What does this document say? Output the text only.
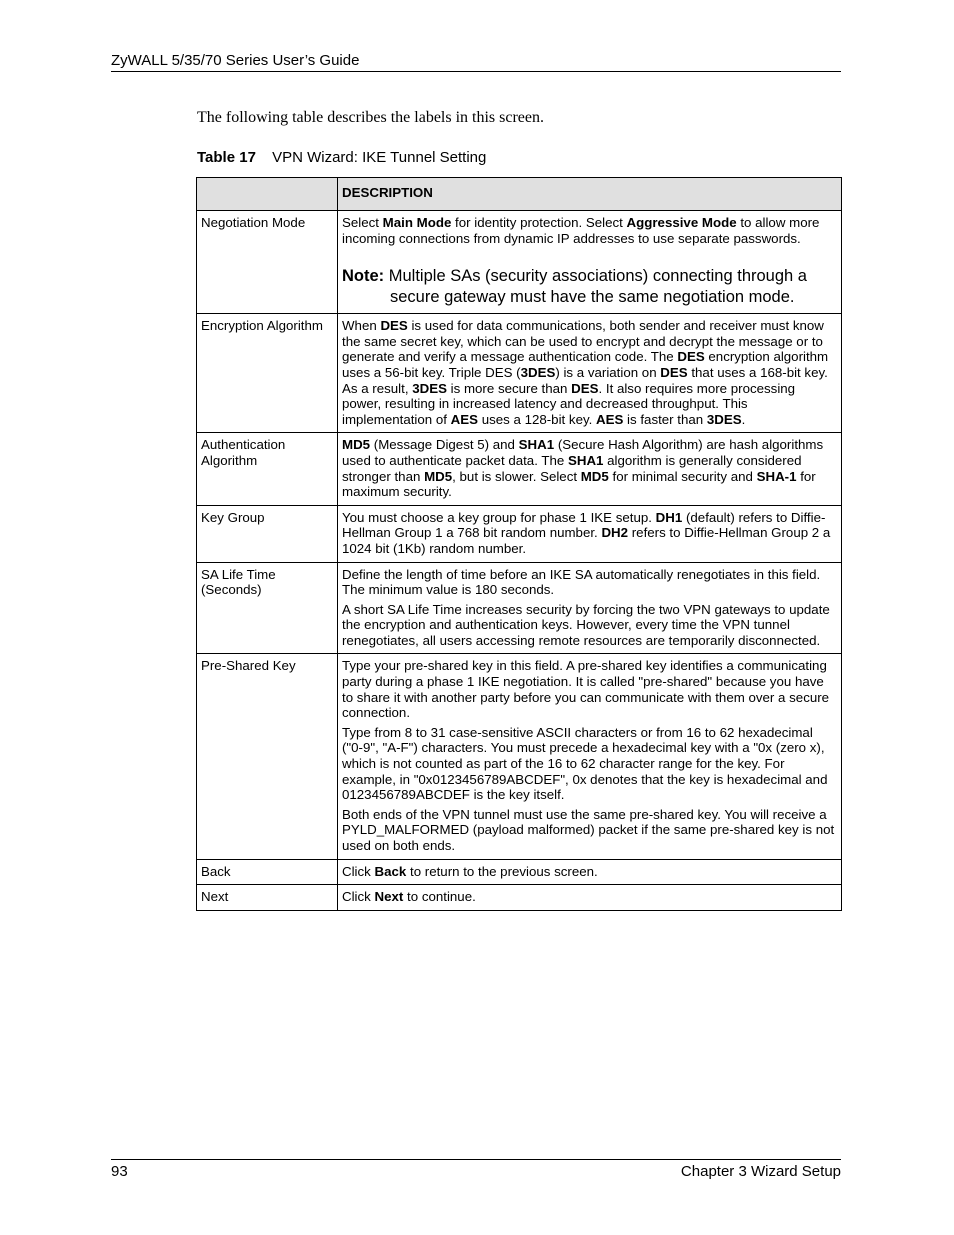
ZyWALL 5/35/70 Series User’s Guide
The following table describes the labels in this screen.
Table 17 VPN Wizard: IKE Tunnel Setting
	DESCRIPTION
Negotiation Mode	Select Main Mode for identity protection. Select Aggressive Mode to allow more incoming connections from dynamic IP addresses to use separate passwords.
Note: Multiple SAs (security associations) connecting through a secure gateway must have the same negotiation mode.

Encryption Algorithm	When DES is used for data communications, both sender and receiver must know the same secret key, which can be used to encrypt and decrypt the message or to generate and verify a message authentication code. The DES encryption algorithm uses a 56-bit key. Triple DES (3DES) is a variation on DES that uses a 168-bit key. As a result, 3DES is more secure than DES. It also requires more processing power, resulting in increased latency and decreased throughput. This implementation of AES uses a 128-bit key. AES is faster than 3DES.

Authentication Algorithm	MD5 (Message Digest 5) and SHA1 (Secure Hash Algorithm) are hash algorithms used to authenticate packet data. The SHA1 algorithm is generally considered stronger than MD5, but is slower. Select MD5 for minimal security and SHA-1 for maximum security.

Key Group	You must choose a key group for phase 1 IKE setup. DH1 (default) refers to Diffie-Hellman Group 1 a 768 bit random number. DH2 refers to Diffie-Hellman Group 2 a 1024 bit (1Kb) random number.

SA Life Time (Seconds)	Define the length of time before an IKE SA automatically renegotiates in this field. The minimum value is 180 seconds.
A short SA Life Time increases security by forcing the two VPN gateways to update the encryption and authentication keys. However, every time the VPN tunnel renegotiates, all users accessing remote resources are temporarily disconnected.

Pre-Shared Key	Type your pre-shared key in this field. A pre-shared key identifies a communicating party during a phase 1 IKE negotiation. It is called "pre-shared" because you have to share it with another party before you can communicate with them over a secure connection.
Type from 8 to 31 case-sensitive ASCII characters or from 16 to 62 hexadecimal ("0-9", "A-F") characters. You must precede a hexadecimal key with a "0x (zero x), which is not counted as part of the 16 to 62 character range for the key. For example, in "0x0123456789ABCDEF", 0x denotes that the key is hexadecimal and 0123456789ABCDEF is the key itself.
Both ends of the VPN tunnel must use the same pre-shared key. You will receive a PYLD_MALFORMED (payload malformed) packet if the same pre-shared key is not used on both ends.

Back	Click Back to return to the previous screen.

Next	Click Next to continue.
93	Chapter 3 Wizard Setup
